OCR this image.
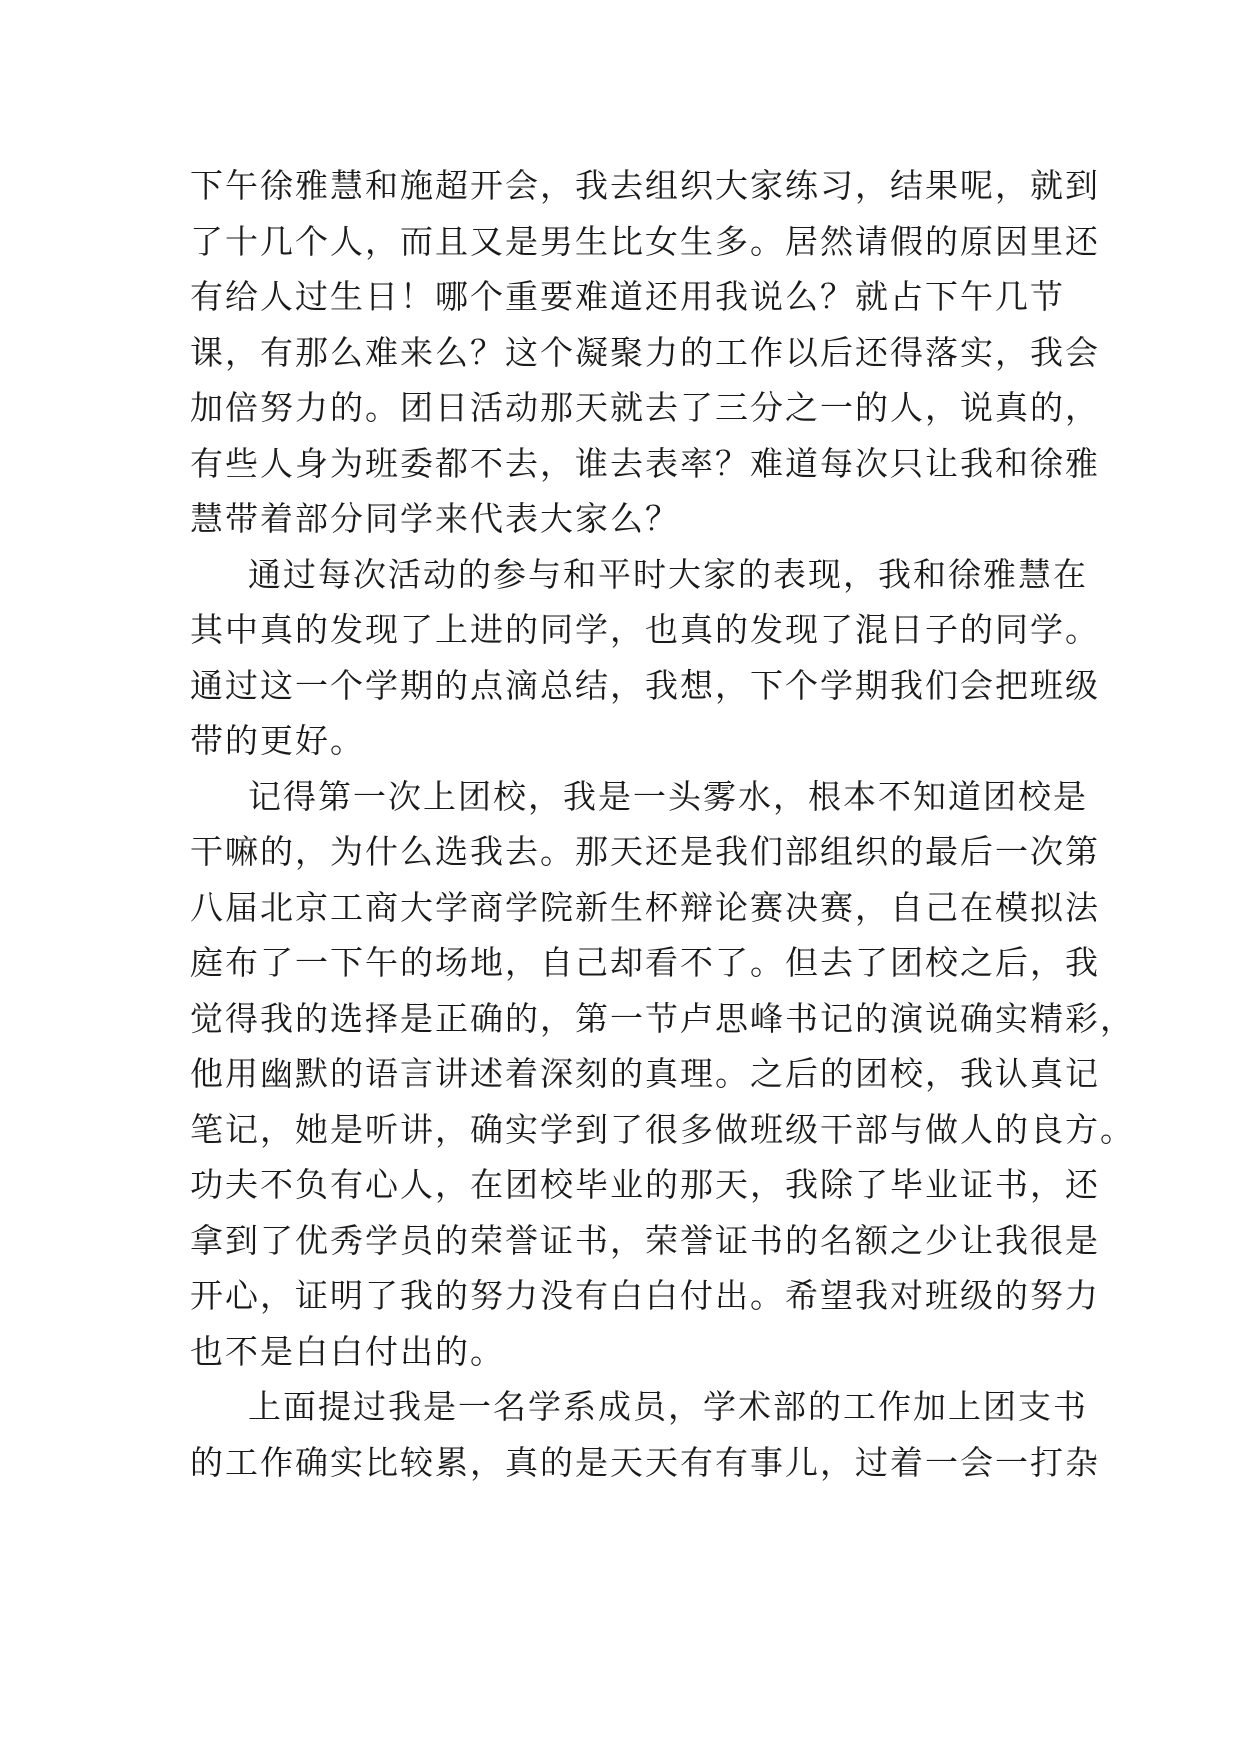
下午徐雅慧和施超开会，我去组织大家练习，结果呢，就到
了十几个人，而且又是男生比女生多。居然请假的原因里还
有给人过生日！哪个重要难道还用我说么？就占下午几节
课，有那么难来么？这个凝聚力的工作以后还得落实，我会
加倍努力的。团日活动那天就去了三分之一的人，说真的，
有些人身为班委都不去，谁去表率？难道每次只让我和徐雅
慧带着部分同学来代表大家么？

通过每次活动的参与和平时大家的表现，我和徐雅慧在
其中真的发现了上进的同学，也真的发现了混日子的同学。
通过这一个学期的点滴总结，我想，下个学期我们会把班级
带的更好。

记得第一次上团校，我是一头雾水，根本不知道团校是
干嘛的，为什么选我去。那天还是我们部组织的最后一次第
八届北京工商大学商学院新生杯辩论赛决赛，自己在模拟法
庭布了一下午的场地，自己却看不了。但去了团校之后，我
觉得我的选择是正确的，第一节卢思峰书记的演说确实精彩，
他用幽默的语言讲述着深刻的真理。之后的团校，我认真记
笔记，她是听讲，确实学到了很多做班级干部与做人的良方。
功夫不负有心人，在团校毕业的那天，我除了毕业证书，还
拿到了优秀学员的荣誉证书，荣誉证书的名额之少让我很是
开心，证明了我的努力没有白白付出。希望我对班级的努力
也不是白白付出的。

上面提过我是一名学系成员，学术部的工作加上团支书
的工作确实比较累，真的是天天有有事儿，过着一会一打杂
